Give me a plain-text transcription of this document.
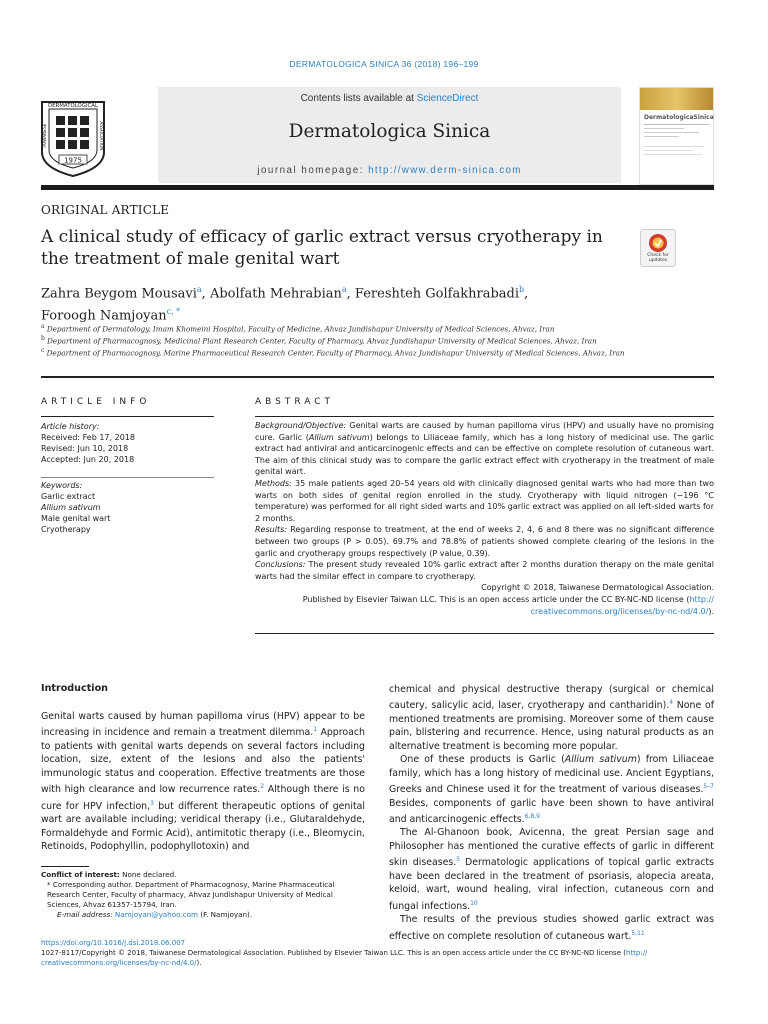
DERMATOLOGICA SINICA 36 (2018) 196–199
DERMATOLOGICAL
TAIWANESE	ASSOCIATION
1975
Contents lists available at ScienceDirect
Dermatologica Sinica
journal homepage: http://www.derm-sinica.com
DermatologicaSinica
ORIGINAL ARTICLE
A clinical study of efficacy of garlic extract versus cryotherapy in the treatment of male genital wart	Check for updates
Zahra Beygom Mousavi$^a$, Abolfath Mehrabian$^a$, Fereshteh Golfakhrabadi$^b$,
Foroogh Namjoyan$^{c, *}$
$^a$ Department of Dermatology, Imam Khomeini Hospital, Faculty of Medicine, Ahvaz Jundishapur University of Medical Sciences, Ahvaz, Iran
$^b$ Department of Pharmacognosy, Medicinal Plant Research Center, Faculty of Pharmacy, Ahvaz Jundishapur University of Medical Sciences, Ahvaz, Iran
$^c$ Department of Pharmacognosy, Marine Pharmaceutical Research Center, Faculty of Pharmacy, Ahvaz Jundishapur University of Medical Sciences, Ahvaz, Iran
ARTICLE INFO	ABSTRACT
Article history:
Received: Feb 17, 2018
Revised: Jun 10, 2018
Accepted: Jun 20, 2018
Keywords:
Garlic extract
Allium sativum
Male genital wart
Cryotherapy

Background/Objective: Genital warts are caused by human papilloma virus (HPV) and usually have no promising cure. Garlic (Allium sativum) belongs to Liliaceae family, which has a long history of medicinal use. The garlic extract had antiviral and anticarcinogenic effects and can be effective on complete resolution of cutaneous wart. The aim of this clinical study was to compare the garlic extract effect with cryotherapy in the treatment of male genital wart.

Methods: 35 male patients aged 20–54 years old with clinically diagnosed genital warts who had more than two warts on both sides of genital region enrolled in the study. Cryotherapy with liquid nitrogen (−196 °C temperature) was performed for all right sided warts and 10% garlic extract was applied on all left-sided warts for 2 months.

Results: Regarding response to treatment, at the end of weeks 2, 4, 6 and 8 there was no significant difference between two groups (P > 0.05). 69.7% and 78.8% of patients showed complete clearing of the lesions in the garlic and cryotherapy groups respectively (P value, 0.39).

Conclusions: The present study revealed 10% garlic extract after 2 months duration therapy on the male genital warts had the similar effect in compare to cryotherapy.

Copyright © 2018, Taiwanese Dermatological Association.

Published by Elsevier Taiwan LLC. This is an open access article under the CC BY-NC-ND license (http://
creativecommons.org/licenses/by-nc-nd/4.0/).

Introduction

Genital warts caused by human papilloma virus (HPV) appear to be increasing in incidence and remain a treatment dilemma.$^1$ Approach to patients with genital warts depends on several factors including location, size, extent of the lesions and also the patients' immunologic status and cooperation. Effective treatments are those with high clearance and low recurrence rates.$^2$ Although there is no cure for HPV infection,$^3$ but different therapeutic options of genital wart are available including; veridical therapy (i.e., Glutaraldehyde, Formaldehyde and Formic Acid), antimitotic therapy (i.e., Bleomycin, Retinoids, Podophyllin, podophyllotoxin) and

chemical and physical destructive therapy (surgical or chemical cautery, salicylic acid, laser, cryotherapy and cantharidin).$^4$ None of mentioned treatments are promising. Moreover some of them cause pain, blistering and recurrence. Hence, using natural products as an alternative treatment is becoming more popular.

One of these products is Garlic (Allium sativum) from Liliaceae family, which has a long history of medicinal use. Ancient Egyptians, Greeks and Chinese used it for the treatment of various diseases.$^{5-7}$ Besides, components of garlic have been shown to have antiviral and anticarcinogenic effects.$^{6,8,9}$

The Al-Ghanoon book, Avicenna, the great Persian sage and Philosopher has mentioned the curative effects of garlic in different skin diseases.$^5$ Dermatologic applications of topical garlic extracts have been declared in the treatment of psoriasis, alopecia areata, keloid, wart, wound healing, viral infection, cutaneous corn and fungal infections.$^{10}$

The results of the previous studies showed garlic extract was effective on complete resolution of cutaneous wart.$^{5,11}$

Conflict of interest: None declared.
* Corresponding author. Department of Pharmacognosy, Marine Pharmaceutical Research Center, Faculty of pharmacy, Ahvaz Jundishapur University of Medical Sciences, Ahvaz 61357-15794, Iran.
E-mail address: Namjoyan@yahoo.com (F. Namjoyan).
https://doi.org/10.1016/j.dsi.2018.06.007
1027-8117/Copyright © 2018, Taiwanese Dermatological Association. Published by Elsevier Taiwan LLC. This is an open access article under the CC BY-NC-ND license (http://
creativecommons.org/licenses/by-nc-nd/4.0/).
